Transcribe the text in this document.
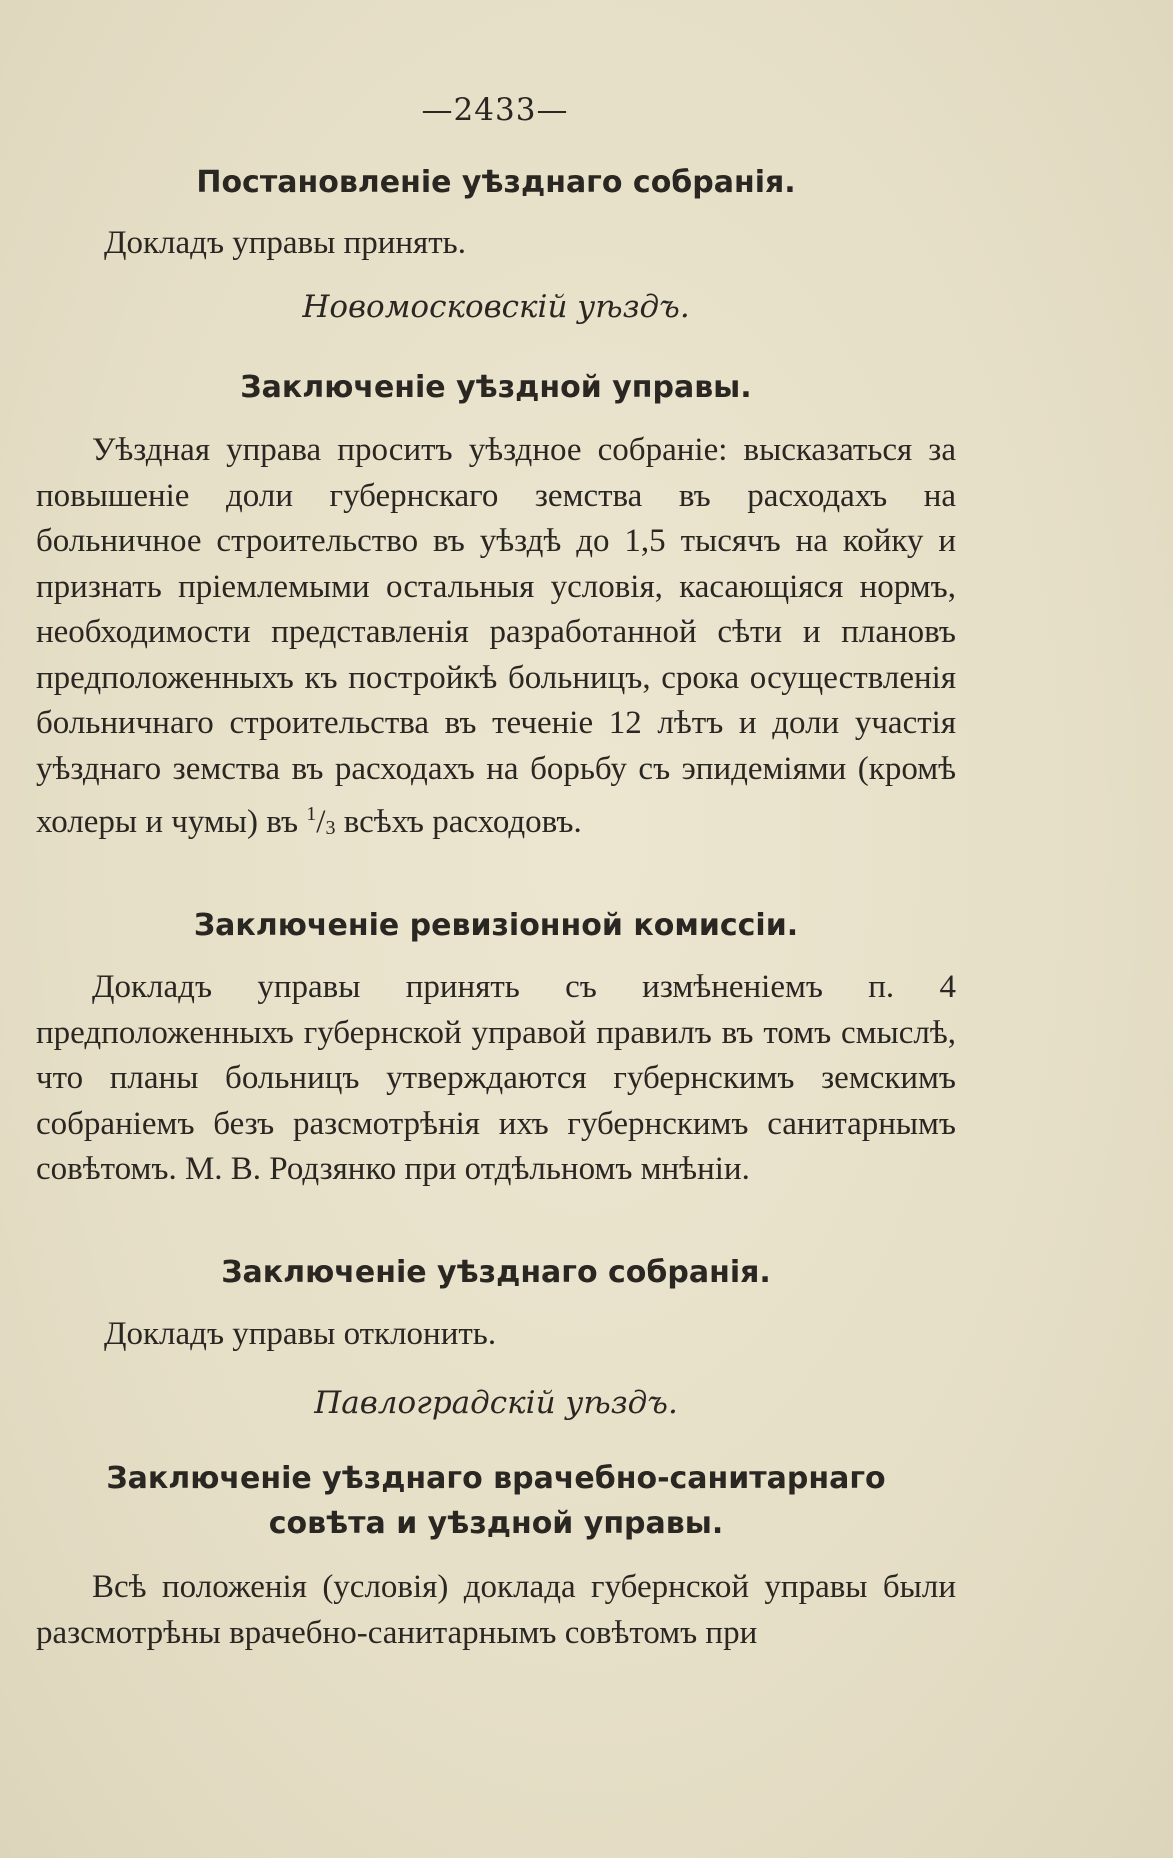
—2433—

Постановленіе уѣзднаго собранія.

Докладъ управы принять.

Новомосковскій уѣздъ.

Заключеніе уѣздной управы.

Уѣздная управа проситъ уѣздное собраніе: высказаться за повышеніе доли губернскаго земства въ расходахъ на больничное строительство въ уѣздѣ до 1,5 тысячъ на койку и признать пріемлемыми остальныя условія, касающіяся нормъ, необходимости представленія разработанной сѣти и плановъ предположенныхъ къ постройкѣ больницъ, срока осуществленія больничнаго строительства въ теченіе 12 лѣтъ и доли участія уѣзднаго земства въ расходахъ на борьбу съ эпидеміями (кромѣ холеры и чумы) въ $^1$/3 всѣхъ расходовъ.

Заключеніе ревизіонной комиссіи.

Докладъ управы принять съ измѣненіемъ п. 4 предположенныхъ губернской управой правилъ въ томъ смыслѣ, что планы больницъ утверждаются губернскимъ земскимъ собраніемъ безъ разсмотрѣнія ихъ губернскимъ санитарнымъ совѣтомъ. М. В. Родзянко при отдѣльномъ мнѣніи.

Заключеніе уѣзднаго собранія.

Докладъ управы отклонить.

Павлоградскій уѣздъ.

Заключеніе уѣзднаго врачебно-санитарнаго совѣта и уѣздной управы.

Всѣ положенія (условія) доклада губернской управы были разсмотрѣны врачебно-санитарнымъ совѣтомъ при
